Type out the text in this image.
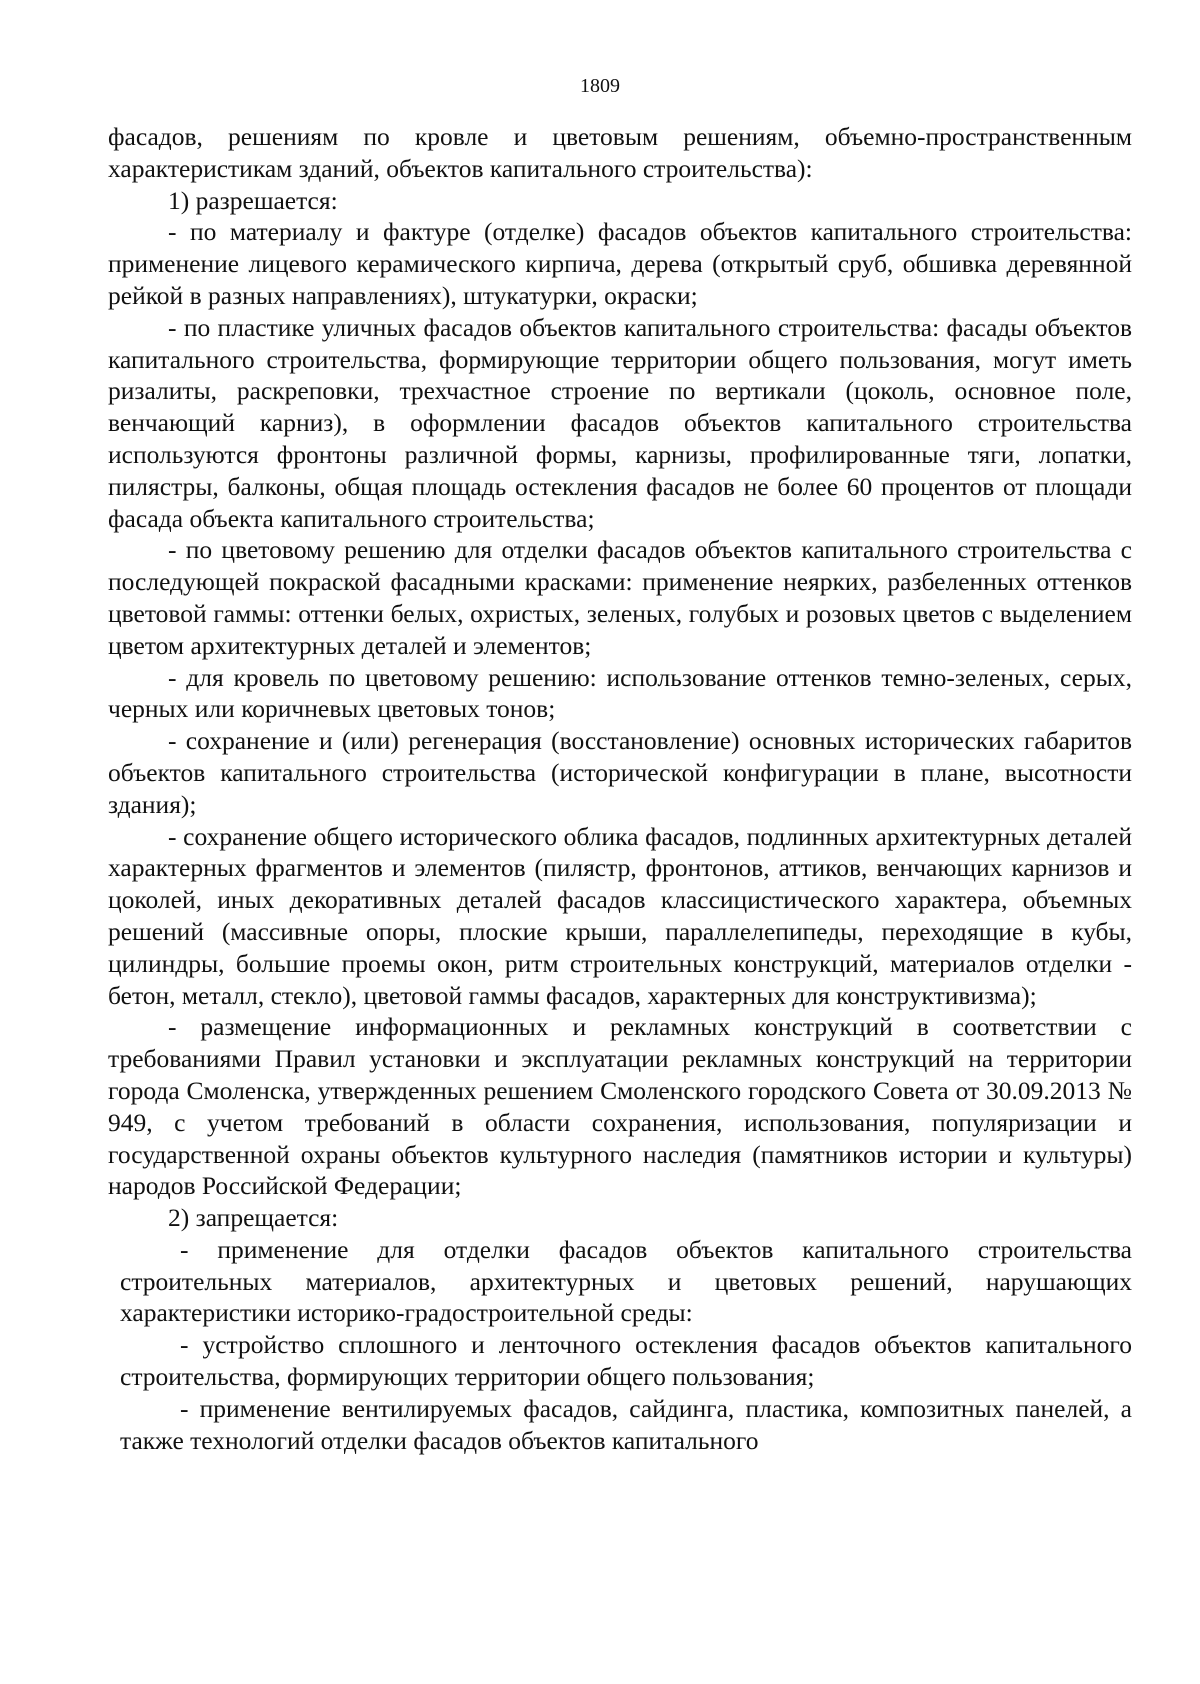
1809

фасадов, решениям по кровле и цветовым решениям, объемно-пространственным характеристикам зданий, объектов капитального строительства):

1) разрешается:

- по материалу и фактуре (отделке) фасадов объектов капитального строительства: применение лицевого керамического кирпича, дерева (открытый сруб, обшивка деревянной рейкой в разных направлениях), штукатурки, окраски;

- по пластике уличных фасадов объектов капитального строительства: фасады объектов капитального строительства, формирующие территории общего пользования, могут иметь ризалиты, раскреповки, трехчастное строение по вертикали (цоколь, основное поле, венчающий карниз), в оформлении фасадов объектов капитального строительства используются фронтоны различной формы, карнизы, профилированные тяги, лопатки, пилястры, балконы, общая площадь остекления фасадов не более 60 процентов от площади фасада объекта капитального строительства;

- по цветовому решению для отделки фасадов объектов капитального строительства с последующей покраской фасадными красками: применение неярких, разбеленных оттенков цветовой гаммы: оттенки белых, охристых, зеленых, голубых и розовых цветов с выделением цветом архитектурных деталей и элементов;

- для кровель по цветовому решению: использование оттенков темно-зеленых, серых, черных или коричневых цветовых тонов;

- сохранение и (или) регенерация (восстановление) основных исторических габаритов объектов капитального строительства (исторической конфигурации в плане, высотности здания);

- сохранение общего исторического облика фасадов, подлинных архитектурных деталей характерных фрагментов и элементов (пилястр, фронтонов, аттиков, венчающих карнизов и цоколей, иных декоративных деталей фасадов классицистического характера, объемных решений (массивные опоры, плоские крыши, параллелепипеды, переходящие в кубы, цилиндры, большие проемы окон, ритм строительных конструкций, материалов отделки - бетон, металл, стекло), цветовой гаммы фасадов, характерных для конструктивизма);

- размещение информационных и рекламных конструкций в соответствии с требованиями Правил установки и эксплуатации рекламных конструкций на территории города Смоленска, утвержденных решением Смоленского городского Совета от 30.09.2013 № 949, с учетом требований в области сохранения, использования, популяризации и государственной охраны объектов культурного наследия (памятников истории и культуры) народов Российской Федерации;

2) запрещается:

- применение для отделки фасадов объектов капитального строительства строительных материалов, архитектурных и цветовых решений, нарушающих характеристики историко-градостроительной среды:

- устройство сплошного и ленточного остекления фасадов объектов капитального строительства, формирующих территории общего пользования;

- применение вентилируемых фасадов, сайдинга, пластика, композитных панелей, а также технологий отделки фасадов объектов капитального
